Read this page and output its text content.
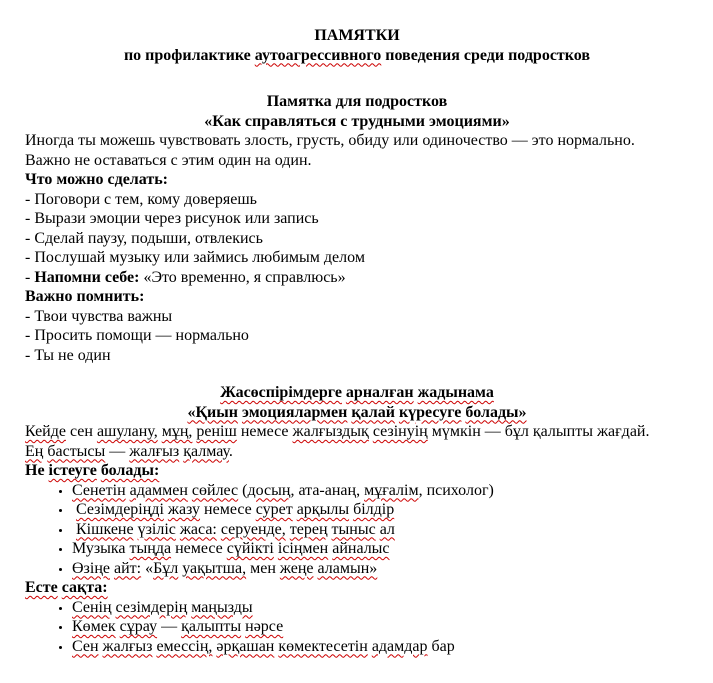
ПАМЯТКИ
по профилактике аутоагрессивного поведения среди подростков
Памятка для подростков
«Как справляться с трудными эмоциями»
Иногда ты можешь чувствовать злость, грусть, обиду или одиночество — это нормально.
Важно не оставаться с этим один на один.
Что можно сделать:
- Поговори с тем, кому доверяешь
- Вырази эмоции через рисунок или запись
- Сделай паузу, подыши, отвлекись
- Послушай музыку или займись любимым делом
- Напомни себе: «Это временно, я справлюсь»
Важно помнить:
- Твои чувства важны
- Просить помощи — нормально
- Ты не один
Жасөспірімдерге арналған жадынама
«Қиын эмоциялармен қалай күресуге болады»
Кейде сен ашулану, мұң, реніш немесе жалғыздық сезінуің мүмкін — бұл қалыпты жағдай.
Ең бастысы — жалғыз қалмау.
Не істеуге болады:
• Сенетін адаммен сөйлес (досың, ата-анаң, мұғалім, психолог)
• Сезімдеріңді жазу немесе сурет арқылы білдір
• Кішкене үзіліс жаса: серуенде, терең тыныс ал
• Музыка тыңда немесе сүйікті ісіңмен айналыс
• Өзіңе айт: «Бұл уақытша, мен жеңе аламын»
Есте сақта:
• Сенің сезімдерің маңызды
• Көмек сұрау — қалыпты нәрсе
• Сен жалғыз емессің, әрқашан көмектесетін адамдар бар
